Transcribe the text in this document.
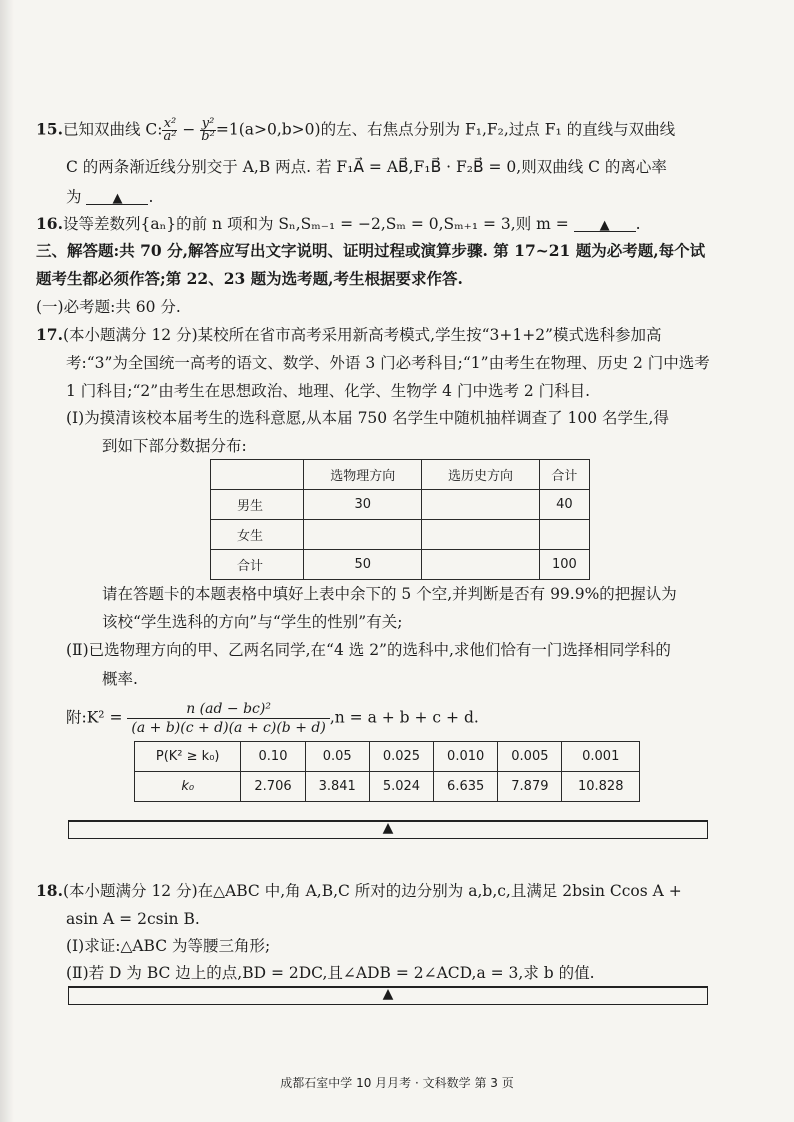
15.已知双曲线 C: $\frac{\text{x²}}{\text{a²}} - \frac{\text{y²}}{\text{b²}} =1(a>0,b>0)$的左、右焦点分别为 F₁,F₂,过点 F₁ 的直线与双曲线
C 的两条渐近线分别交于 A,B 两点. 若 F₁A⃗ = AB⃗,F₁B⃗ · F₂B⃗ = 0,则双曲线 C 的离心率
为 ▲ .
16.设等差数列{aₙ}的前 n 项和为 Sₙ,Sₘ₋₁ = −2,Sₘ = 0,Sₘ₊₁ = 3,则 m = ▲ .
三、解答题:共 70 分,解答应写出文字说明、证明过程或演算步骤. 第 17~21 题为必考题,每个试
题考生都必须作答;第 22、23 题为选考题,考生根据要求作答.
(一)必考题:共 60 分.
17.(本小题满分 12 分)某校所在省市高考采用新高考模式,学生按“3+1+2”模式选科参加高
考:“3”为全国统一高考的语文、数学、外语 3 门必考科目;“1”由考生在物理、历史 2 门中选考
1 门科目;“2”由考生在思想政治、地理、化学、生物学 4 门中选考 2 门科目.
(Ⅰ)为摸清该校本届考生的选科意愿,从本届 750 名学生中随机抽样调查了 100 名学生,得
到如下部分数据分布:
	选物理方向	选历史方向	合计
男生	30		40
女生			
合计	50		100
请在答题卡的本题表格中填好上表中余下的 5 个空,并判断是否有 99.9%的把握认为
该校“学生选科的方向”与“学生的性别”有关;
(Ⅱ)已选物理方向的甲、乙两名同学,在“4 选 2”的选科中,求他们恰有一门选择相同学科的
概率.
附:K² = $\frac{\text{n (ad − bc)²}}{(a + b)(c + d)(a + c)(b + d)} ,n = a + b + c + d$.
P(K² ≥ k₀)	0.10	0.05	0.025	0.010	0.005	0.001
k₀	2.706	3.841	5.024	6.635	7.879	10.828
▲
18.(本小题满分 12 分)在△ABC 中,角 A,B,C 所对的边分别为 a,b,c,且满足 2bsin Ccos A +
asin A = 2csin B.
(Ⅰ)求证:△ABC 为等腰三角形;
(Ⅱ)若 D 为 BC 边上的点,BD = 2DC,且∠ADB = 2∠ACD,a = 3,求 b 的值.
▲
成都石室中学 10 月月考 · 文科数学 第 3 页
